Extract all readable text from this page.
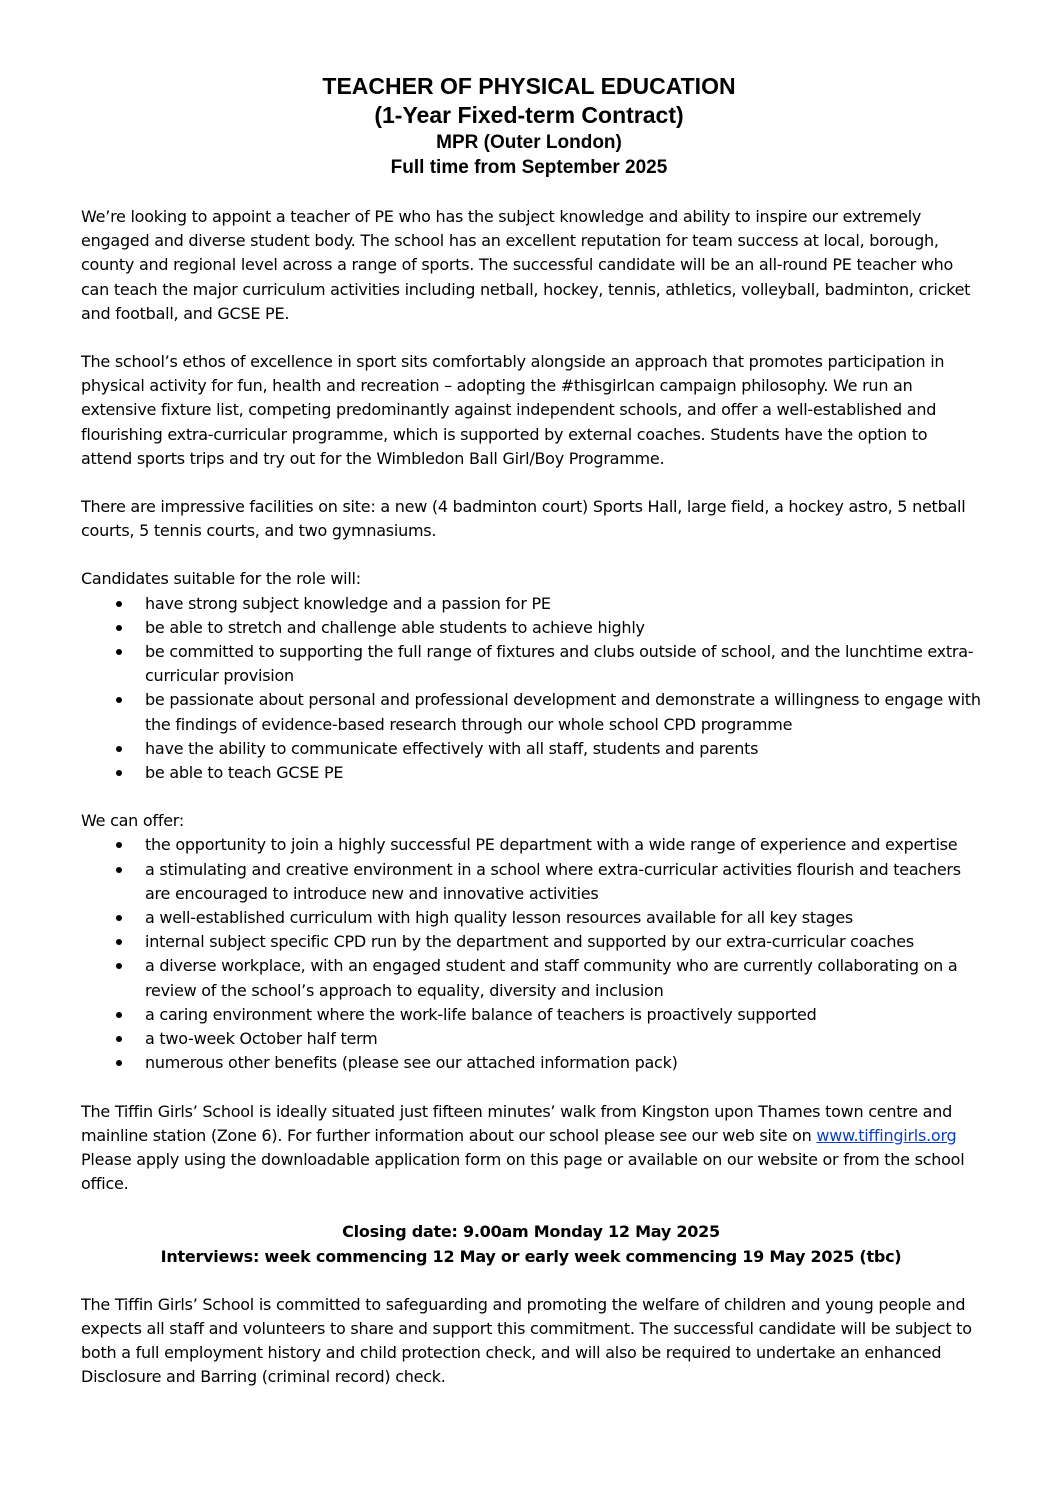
TEACHER OF PHYSICAL EDUCATION
(1-Year Fixed-term Contract)
MPR (Outer London)
Full time from September 2025

We’re looking to appoint a teacher of PE who has the subject knowledge and ability to inspire our extremely engaged and diverse student body. The school has an excellent reputation for team success at local, borough, county and regional level across a range of sports. The successful candidate will be an all-round PE teacher who can teach the major curriculum activities including netball, hockey, tennis, athletics, volleyball, badminton, cricket and football, and GCSE PE.

The school’s ethos of excellence in sport sits comfortably alongside an approach that promotes participation in physical activity for fun, health and recreation – adopting the #thisgirlcan campaign philosophy. We run an extensive fixture list, competing predominantly against independent schools, and offer a well-established and flourishing extra-curricular programme, which is supported by external coaches. Students have the option to attend sports trips and try out for the Wimbledon Ball Girl/Boy Programme.

There are impressive facilities on site: a new (4 badminton court) Sports Hall, large field, a hockey astro, 5 netball courts, 5 tennis courts, and two gymnasiums.

Candidates suitable for the role will:

have strong subject knowledge and a passion for PE
be able to stretch and challenge able students to achieve highly
be committed to supporting the full range of fixtures and clubs outside of school, and the lunchtime extra-curricular provision
be passionate about personal and professional development and demonstrate a willingness to engage with the findings of evidence-based research through our whole school CPD programme
have the ability to communicate effectively with all staff, students and parents
be able to teach GCSE PE

We can offer:

the opportunity to join a highly successful PE department with a wide range of experience and expertise
a stimulating and creative environment in a school where extra-curricular activities flourish and teachers are encouraged to introduce new and innovative activities
a well-established curriculum with high quality lesson resources available for all key stages
internal subject specific CPD run by the department and supported by our extra-curricular coaches
a diverse workplace, with an engaged student and staff community who are currently collaborating on a review of the school’s approach to equality, diversity and inclusion
a caring environment where the work-life balance of teachers is proactively supported
a two-week October half term
numerous other benefits (please see our attached information pack)

The Tiffin Girls’ School is ideally situated just fifteen minutes’ walk from Kingston upon Thames town centre and mainline station (Zone 6). For further information about our school please see our web site on www.tiffingirls.org Please apply using the downloadable application form on this page or available on our website or from the school office.

Closing date: 9.00am Monday 12 May 2025
Interviews: week commencing 12 May or early week commencing 19 May 2025 (tbc)

The Tiffin Girls’ School is committed to safeguarding and promoting the welfare of children and young people and expects all staff and volunteers to share and support this commitment. The successful candidate will be subject to both a full employment history and child protection check, and will also be required to undertake an enhanced Disclosure and Barring (criminal record) check.
